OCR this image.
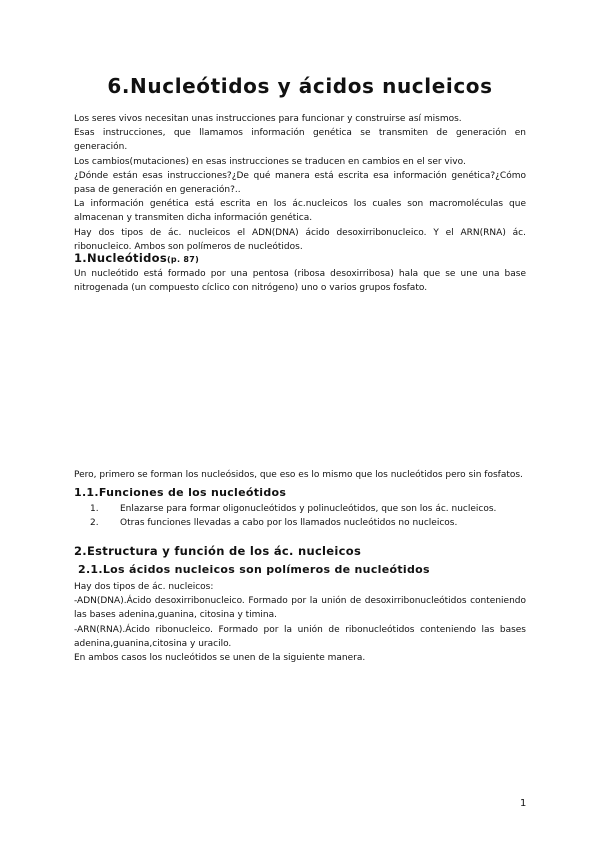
6.Nucleótidos y ácidos nucleicos

Los seres vivos necesitan unas instrucciones para funcionar y construirse así mismos.

Esas instrucciones, que llamamos información genética se transmiten de generación en generación.

Los cambios(mutaciones) en esas instrucciones se traducen en cambios en el ser vivo.

¿Dónde están esas instrucciones?¿De qué manera está escrita esa información genética?¿Cómo pasa de generación en generación?..

La información genética está escrita en los ác.nucleicos los cuales son macromoléculas que almacenan y transmiten dicha información genética.

Hay dos tipos de ác. nucleicos el ADN(DNA) ácido desoxirribonucleico. Y el ARN(RNA) ác. ribonucleico. Ambos son polímeros de nucleótidos.

1.Nucleótidos(p. 87)

Un nucleótido está formado por una pentosa (ribosa desoxirribosa) hala que se une una base nitrogenada (un compuesto cíclico con nitrógeno) uno o varios grupos fosfato.

Pero, primero se forman los nucleósidos, que eso es lo mismo que los nucleótidos pero sin fosfatos.

1.1.Funciones de los nucleótidos
1.	Enlazarse para formar oligonucleótidos y polinucleótidos, que son los ác. nucleicos.
2.	Otras funciones llevadas a cabo por los llamados nucleótidos no nucleicos.
2.Estructura y función de los ác. nucleicos
2.1.Los ácidos nucleicos son polímeros de nucleótidos

Hay dos tipos de ác. nucleicos:

-ADN(DNA).Ácido desoxirribonucleico. Formado por la unión de desoxirribonucleótidos conteniendo las bases adenina,guanina, citosina y timina.

-ARN(RNA).Ácido ribonucleico. Formado por la unión de ribonucleótidos conteniendo las bases adenina,guanina,citosina y uracilo.

En ambos casos los nucleótidos se unen de la siguiente manera.

1
